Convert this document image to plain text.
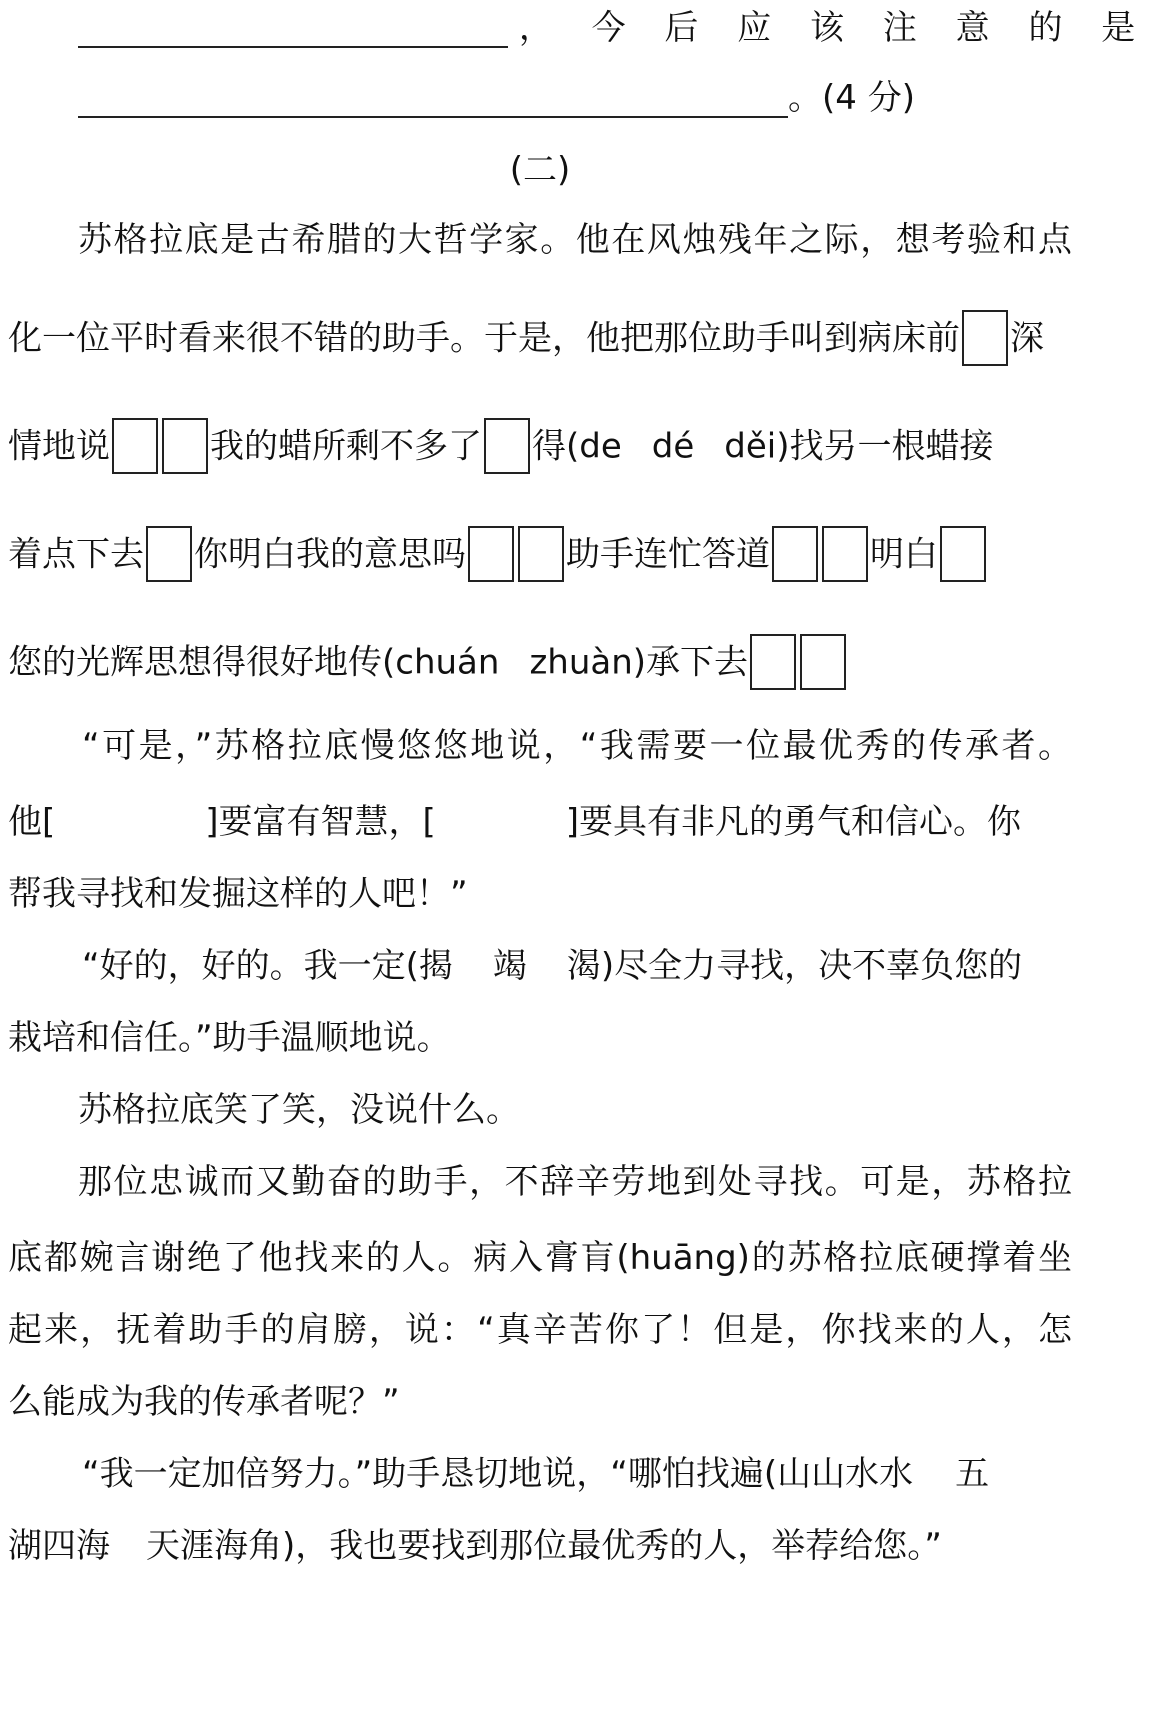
， 今 后 应 该 注 意 的 是
。(4 分)
(二)
苏格拉底是古希腊的大哲学家。他在风烛残年之际，想考验和点
化一位平时看来很不错的助手。于是，他把那位助手叫到病床前 深
情地说	我的蜡所剩不多了 得(de dé děi)找另一根蜡接
着点下去 你明白我的意思吗	助手连忙答道	明白
您的光辉思想得很好地传(chuán zhuàn)承下去
“可是，”苏格拉底慢悠悠地说，“我需要一位最优秀的传承者。
他[	]要富有智慧，[	]要具有非凡的勇气和信心。你
帮我寻找和发掘这样的人吧！”
“好的，好的。我一定(揭 竭 渴)尽全力寻找，决不辜负您的
栽培和信任。”助手温顺地说。
苏格拉底笑了笑，没说什么。
那位忠诚而又勤奋的助手，不辞辛劳地到处寻找。可是，苏格拉
底都婉言谢绝了他找来的人。病入膏肓(huāng)的苏格拉底硬撑着坐
起来，抚着助手的肩膀，说：“真辛苦你了！但是，你找来的人，怎
么能成为我的传承者呢？”
“我一定加倍努力。”助手恳切地说，“哪怕找遍(山山水水 五
湖四海 天涯海角)，我也要找到那位最优秀的人，举荐给您。”
